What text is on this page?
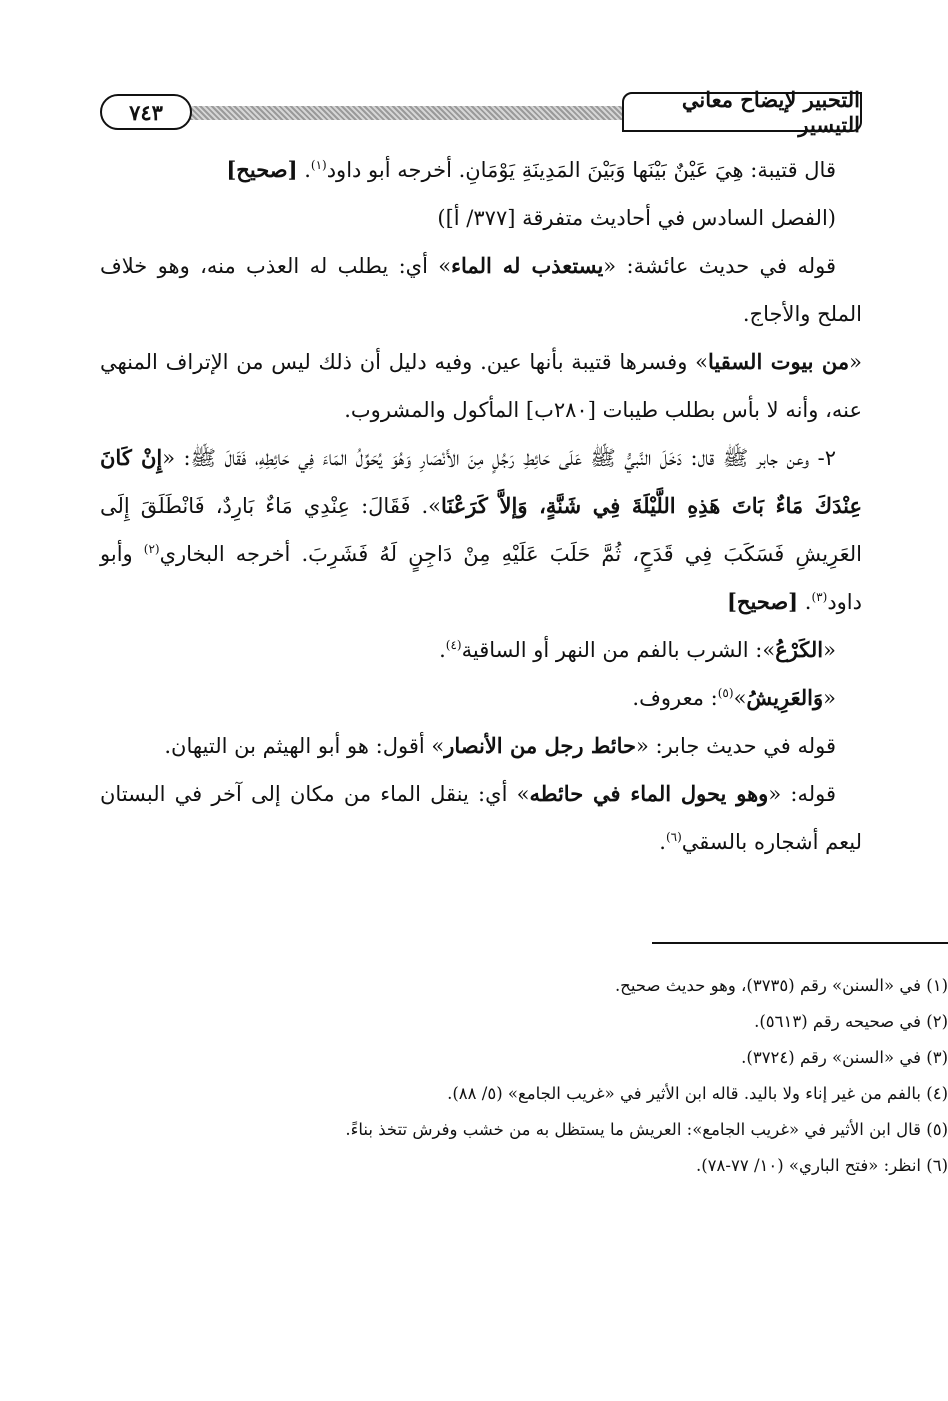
التحبير لإيضاح معاني التيسير
٧٤٣

قال قتيبة: هِيَ عَيْنٌ بَيْنَها وَبَيْنَ المَدِينَةِ يَوْمَانِ. أخرجه أبو داود$^{(١)}$. [صحيح]

(الفصل السادس في أحاديث متفرقة [٣٧٧/ أ])

قوله في حديث عائشة: «يستعذب له الماء» أي: يطلب له العذب منه، وهو خلاف الملح والأجاج.

«من بيوت السقيا» وفسرها قتيبة بأنها عين. وفيه دليل أن ذلك ليس من الإتراف المنهي عنه، وأنه لا بأس بطلب طيبات [٢٨٠ب] المأكول والمشروب.

٢- وعن جابر ﷺ قال: دَخَلَ النَّبيُّ ﷺ عَلَى حَائِطِ رَجُلٍ مِنَ الأَنْصَارِ وَهُوَ يُحَوِّلُ المَاءَ فِي حَائِطِهِ، فَقَالَ ﷺ: «إِنْ كَانَ عِنْدَكَ مَاءٌ بَاتَ هَذِهِ اللَّيْلَةَ فِي شَنَّةٍ، وَإلاَّ كَرَعْنَا». فَقَالَ: عِنْدِي مَاءٌ بَارِدٌ، فَانْطَلَقَ إِلَى العَرِيشِ فَسَكَبَ فِي قَدَحٍ، ثُمَّ حَلَبَ عَلَيْهِ مِنْ دَاجِنٍ لَهُ فَشَرِبَ. أخرجه البخاري$^{(٢)}$ وأبو داود$^{(٣)}$. [صحيح]

«الكَرْعُ»: الشرب بالفم من النهر أو الساقية$^{(٤)}$.

«وَالعَرِيشُ»$^{(٥)}$: معروف.

قوله في حديث جابر: «حائط رجل من الأنصار» أقول: هو أبو الهيثم بن التيهان.

قوله: «وهو يحول الماء في حائطه» أي: ينقل الماء من مكان إلى آخر في البستان ليعم أشجاره بالسقي$^{(٦)}$.

(١) في «السنن» رقم (٣٧٣٥)، وهو حديث صحيح.

(٢) في صحيحه رقم (٥٦١٣).

(٣) في «السنن» رقم (٣٧٢٤).

(٤) بالفم من غير إناء ولا باليد. قاله ابن الأثير في «غريب الجامع» (٥/ ٨٨).

(٥) قال ابن الأثير في «غريب الجامع»: العريش ما يستظل به من خشب وفرش تتخذ بناءً.

(٦) انظر: «فتح الباري» (١٠/ ٧٧-٧٨).
